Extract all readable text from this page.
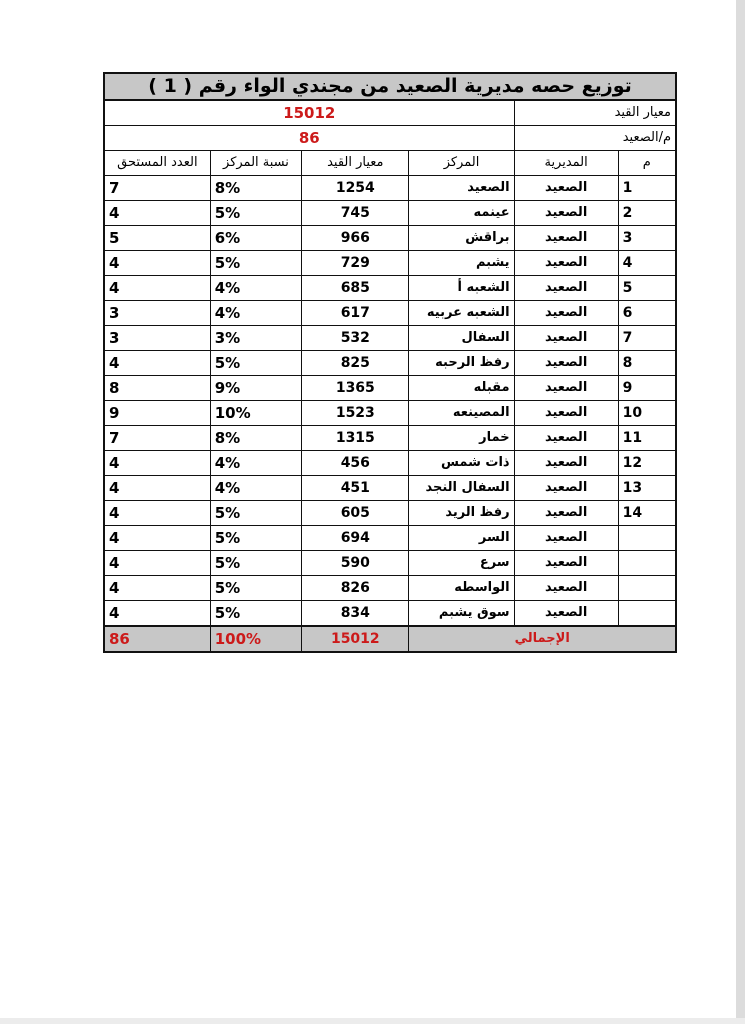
توزيع حصه مديرية الصعيد من مجندي الواء رقم ( 1 )					
معيار القيد		15012			
م/الصعيد		86			
م	المديرية	المركز	معيار القيد	نسبة المركز	العدد المستحق
1	الصعيد	الصعيد	1254	8%	7
2	الصعيد	عينمه	745	5%	4
3	الصعيد	براقش	966	6%	5
4	الصعيد	يشبم	729	5%	4
5	الصعيد	الشعبه أ	685	4%	4
6	الصعيد	الشعبه عربيه	617	4%	3
7	الصعيد	السفال	532	3%	3
8	الصعيد	رفظ الرحبه	825	5%	4
9	الصعيد	مقبله	1365	9%	8
10	الصعيد	المصينعه	1523	10%	9
11	الصعيد	خمار	1315	8%	7
12	الصعيد	ذات شمس	456	4%	4
13	الصعيد	السفال النجد	451	4%	4
14	الصعيد	رفظ الريد	605	5%	4
	الصعيد	السر	694	5%	4
	الصعيد	سرع	590	5%	4
	الصعيد	الواسطه	826	5%	4
	الصعيد	سوق يشبم	834	5%	4
الإجمالي			15012	100%	86
